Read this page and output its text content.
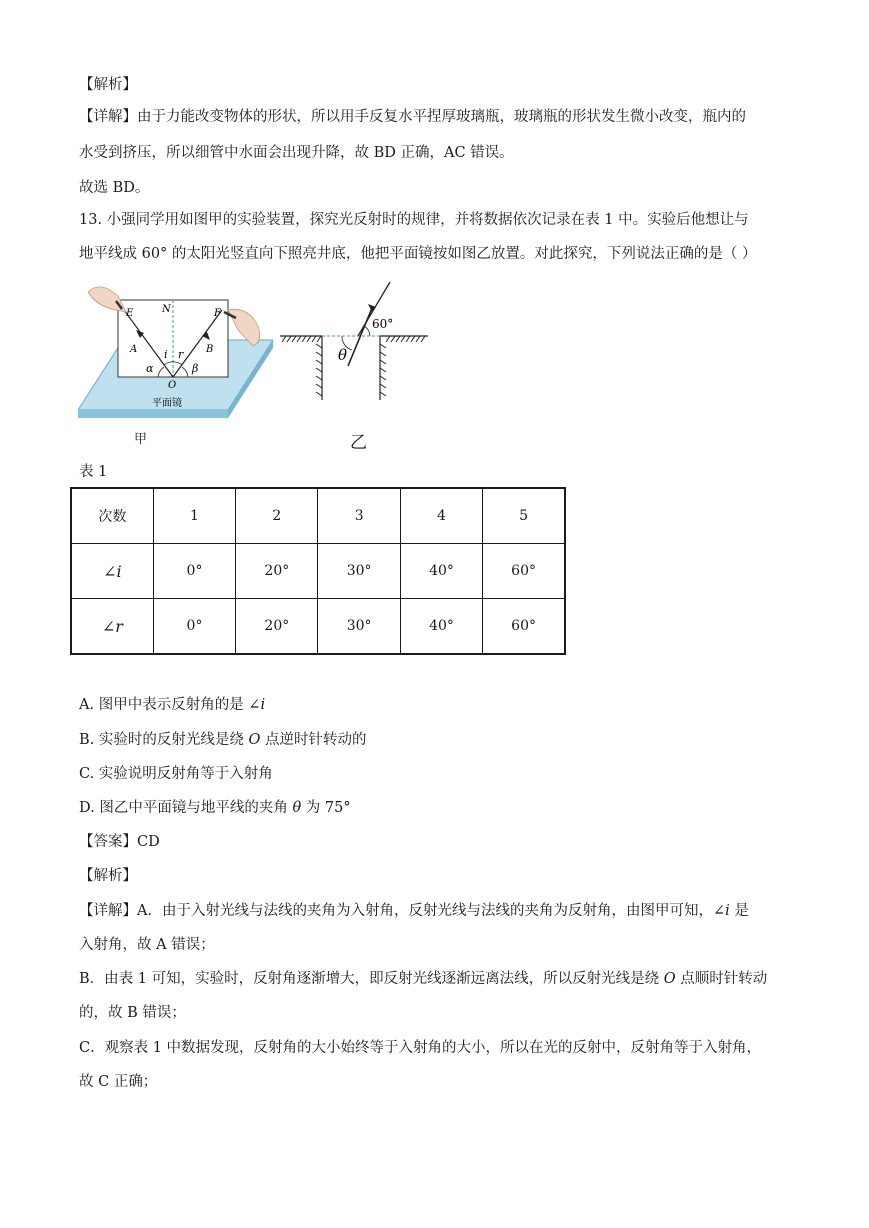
【解析】
【详解】由于力能改变物体的形状，所以用手反复水平捏厚玻璃瓶，玻璃瓶的形状发生微小改变，瓶内的
水受到挤压，所以细管中水面会出现升降，故 BD 正确，AC 错误。
故选 BD。
13. 小强同学用如图甲的实验装置，探究光反射时的规律，并将数据依次记录在表 1 中。实验后他想让与
地平线成 60° 的太阳光竖直向下照亮井底，他把平面镜按如图乙放置。对此探究，下列说法正确的是（ ）
E	N	F
A	B
i r
α	β
O
平面镜
甲
60°
θ
乙
表 1
次数	1	2	3	4	5
∠i	0°	20°	30°	40°	60°
∠r	0°	20°	30°	40°	60°
A. 图甲中表示反射角的是 ∠i
B. 实验时的反射光线是绕 O 点逆时针转动的
C. 实验说明反射角等于入射角
D. 图乙中平面镜与地平线的夹角 θ 为 75°
【答案】CD
【解析】
【详解】A．由于入射光线与法线的夹角为入射角，反射光线与法线的夹角为反射角，由图甲可知，∠i 是
入射角，故 A 错误；
B．由表 1 可知，实验时，反射角逐渐增大，即反射光线逐渐远离法线，所以反射光线是绕 O 点顺时针转动
的，故 B 错误；
C．观察表 1 中数据发现，反射角的大小始终等于入射角的大小，所以在光的反射中，反射角等于入射角，
故 C 正确；
